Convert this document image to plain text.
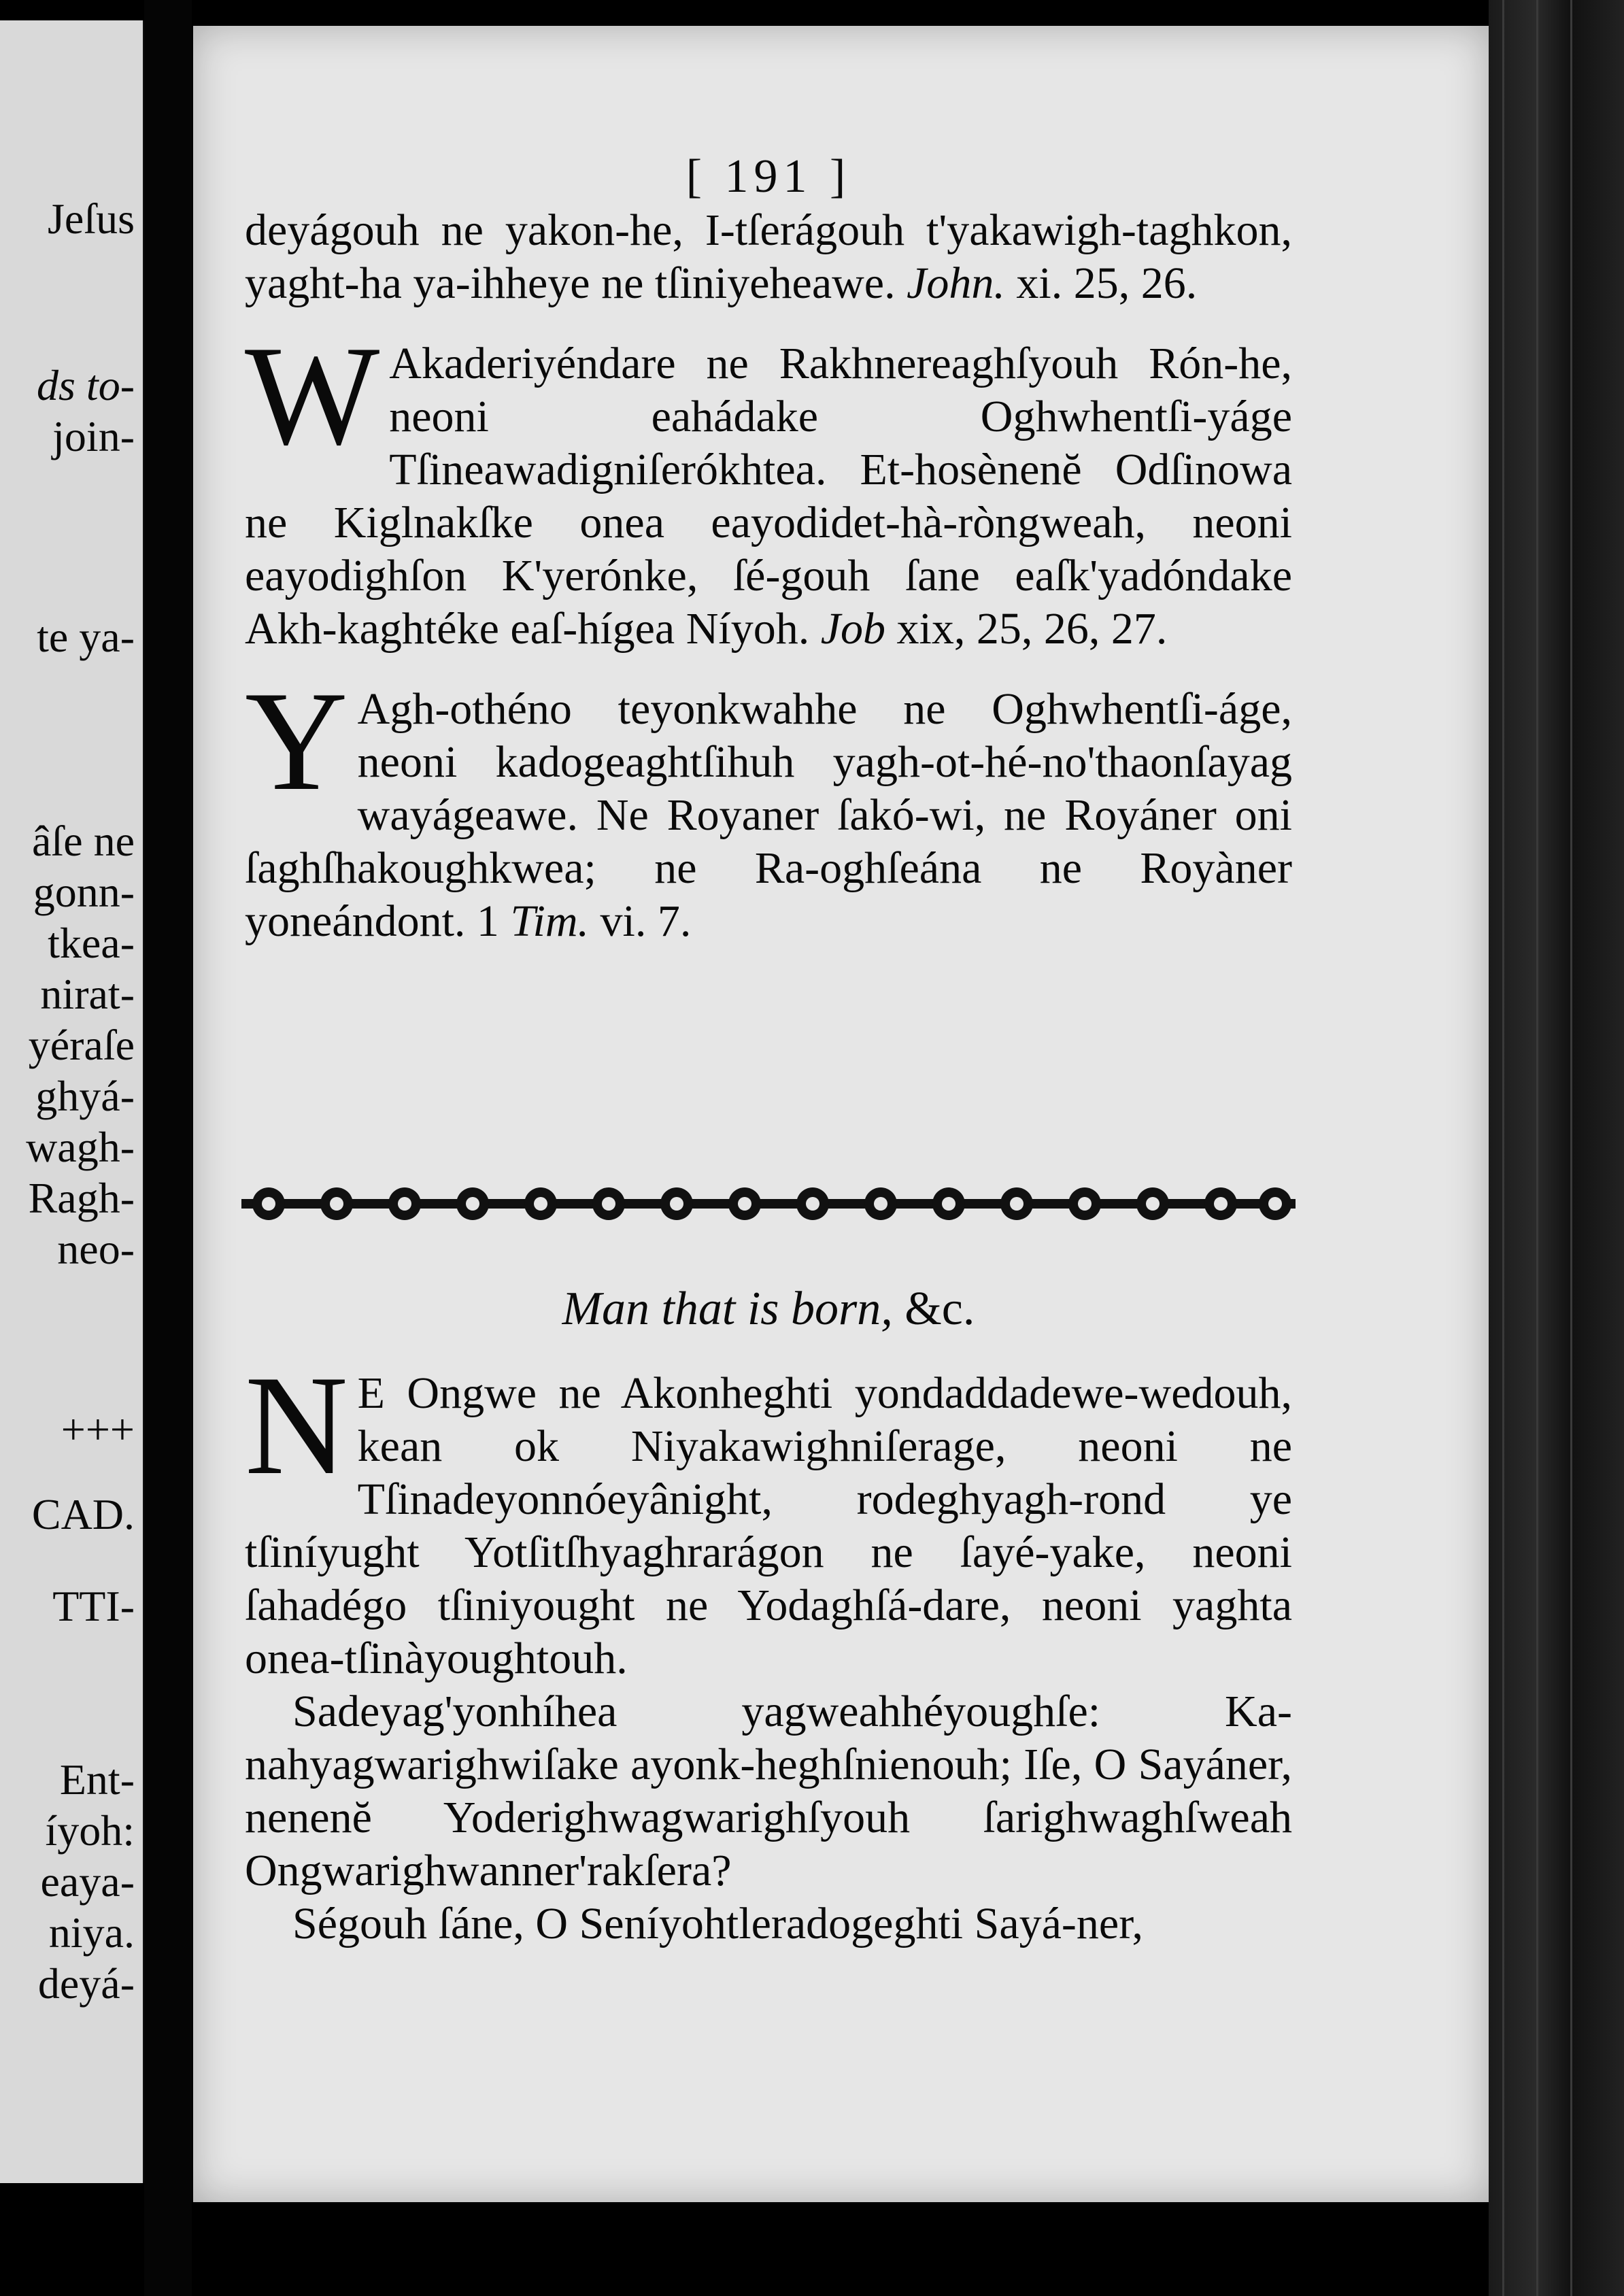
Jeſus
ds to-
join-
te ya-
âſe ne
gonn-
tkea-
nirat-
yéraſe
ghyá-
wagh-
Ragh-
neo-
+++
CAD.
TTI-
Ent-
íyoh:
eaya-
niya.
deyá-
[ 191 ]

deyágouh ne yakon-he, I-tſerágouh t'yakawigh-taghkon, yaght-ha ya-ihheye ne tſiniyeheawe. John. xi. 25, 26.

W Akaderiyéndare ne Rakhnereaghſyouh Rón-he, neoni eahádake Oghwhentſi-yáge Tſineawadigniſerókhtea. Et-hosènenĕ Odſinowa ne Kiglnakſke onea eayodidet-hà-ròngweah, neoni eayodighſon K'yerónke, ſé-gouh ſane eaſk'yadóndake Akh-kaghtéke eaſ-hígea Níyoh. Job xix, 25, 26, 27.

Y Agh-othéno teyonkwahhe ne Oghwhentſi-áge, neoni kadogeaghtſihuh yagh-ot-hé-no'thaonſayag wayágeawe. Ne Royaner ſakó-wi, ne Royáner oni ſaghſhakoughkwea; ne Ra-oghſeána ne Royàner yoneándont. 1 Tim. vi. 7.

Man that is born, &c.
N E Ongwe ne Akonheghti yondaddadewe-wedouh, kean ok Niyakawighniſerage, neoni ne Tſinadeyonnóeyânight, rodeghyagh-rond ye tſiníyught Yotſitſhyaghrarágon ne ſayé-yake, neoni ſahadégo tſiniyought ne Yodaghſá-dare, neoni yaghta onea-tſinàyoughtouh.

Sadeyag'yonhíhea yagweahhéyoughſe: Ka-nahyagwarighwiſake ayonk-heghſnienouh; Iſe, O Sayáner, nenenĕ Yoderighwagwarighſyouh ſarighwaghſweah Ongwarighwanner'rakſera?

Ségouh ſáne, O Seníyohtleradogeghti Sayá-ner,
